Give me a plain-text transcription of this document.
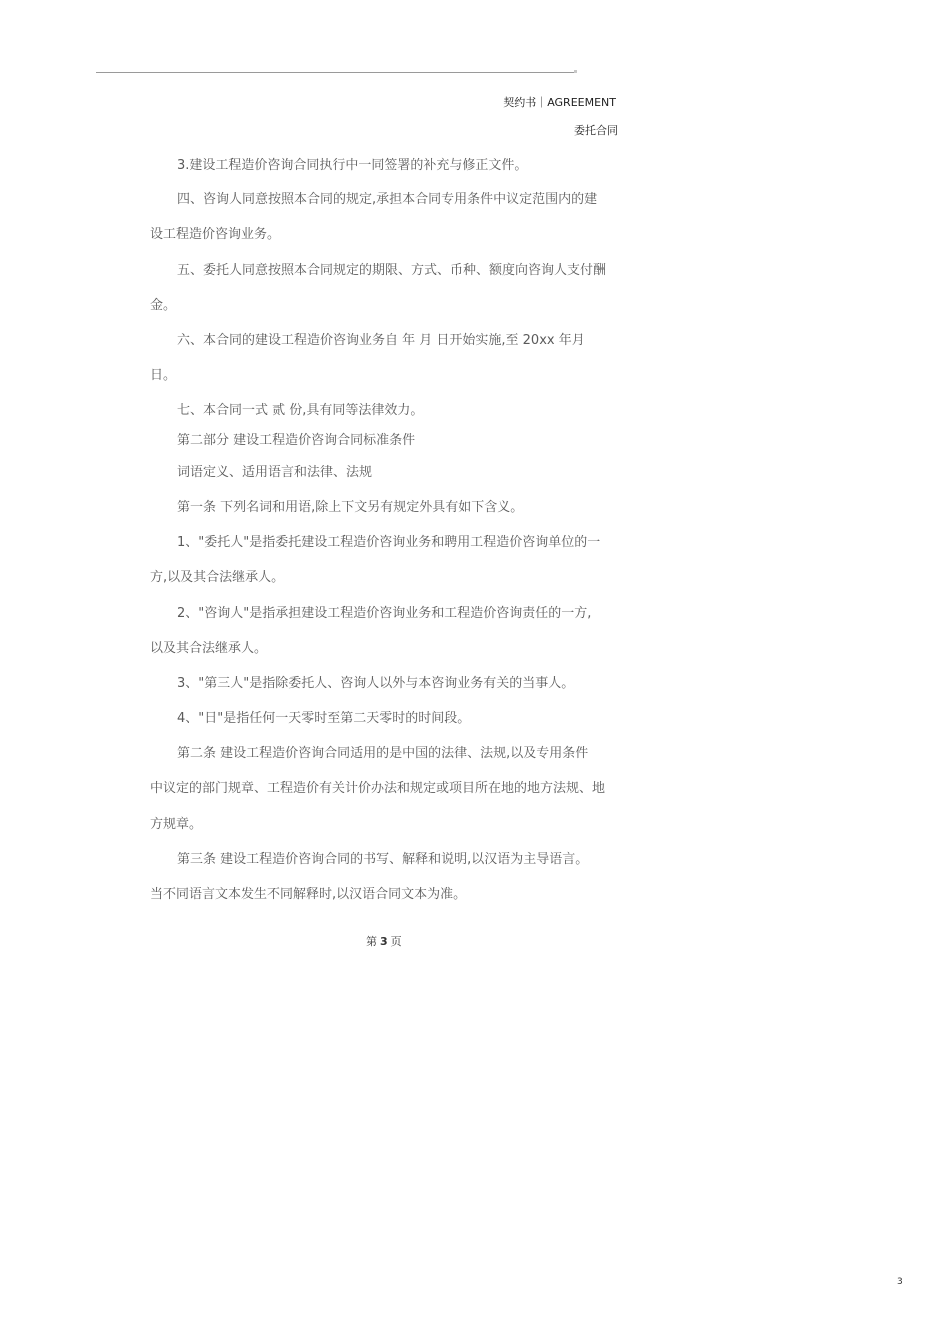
契约书｜AGREEMENT
委托合同
3.建设工程造价咨询合同执行中一同签署的补充与修正文件。
四、咨询人同意按照本合同的规定,承担本合同专用条件中议定范围内的建
设工程造价咨询业务。
五、委托人同意按照本合同规定的期限、方式、币种、额度向咨询人支付酬
金。
六、本合同的建设工程造价咨询业务自 年 月 日开始实施,至 20xx 年月
日。
七、本合同一式 贰 份,具有同等法律效力。
第二部分 建设工程造价咨询合同标准条件
词语定义、适用语言和法律、法规
第一条 下列名词和用语,除上下文另有规定外具有如下含义。
1、"委托人"是指委托建设工程造价咨询业务和聘用工程造价咨询单位的一
方,以及其合法继承人。
2、"咨询人"是指承担建设工程造价咨询业务和工程造价咨询责任的一方,
以及其合法继承人。
3、"第三人"是指除委托人、咨询人以外与本咨询业务有关的当事人。
4、"日"是指任何一天零时至第二天零时的时间段。
第二条 建设工程造价咨询合同适用的是中国的法律、法规,以及专用条件
中议定的部门规章、工程造价有关计价办法和规定或项目所在地的地方法规、地
方规章。
第三条 建设工程造价咨询合同的书写、解释和说明,以汉语为主导语言。
当不同语言文本发生不同解释时,以汉语合同文本为准。
第 3 页
3
